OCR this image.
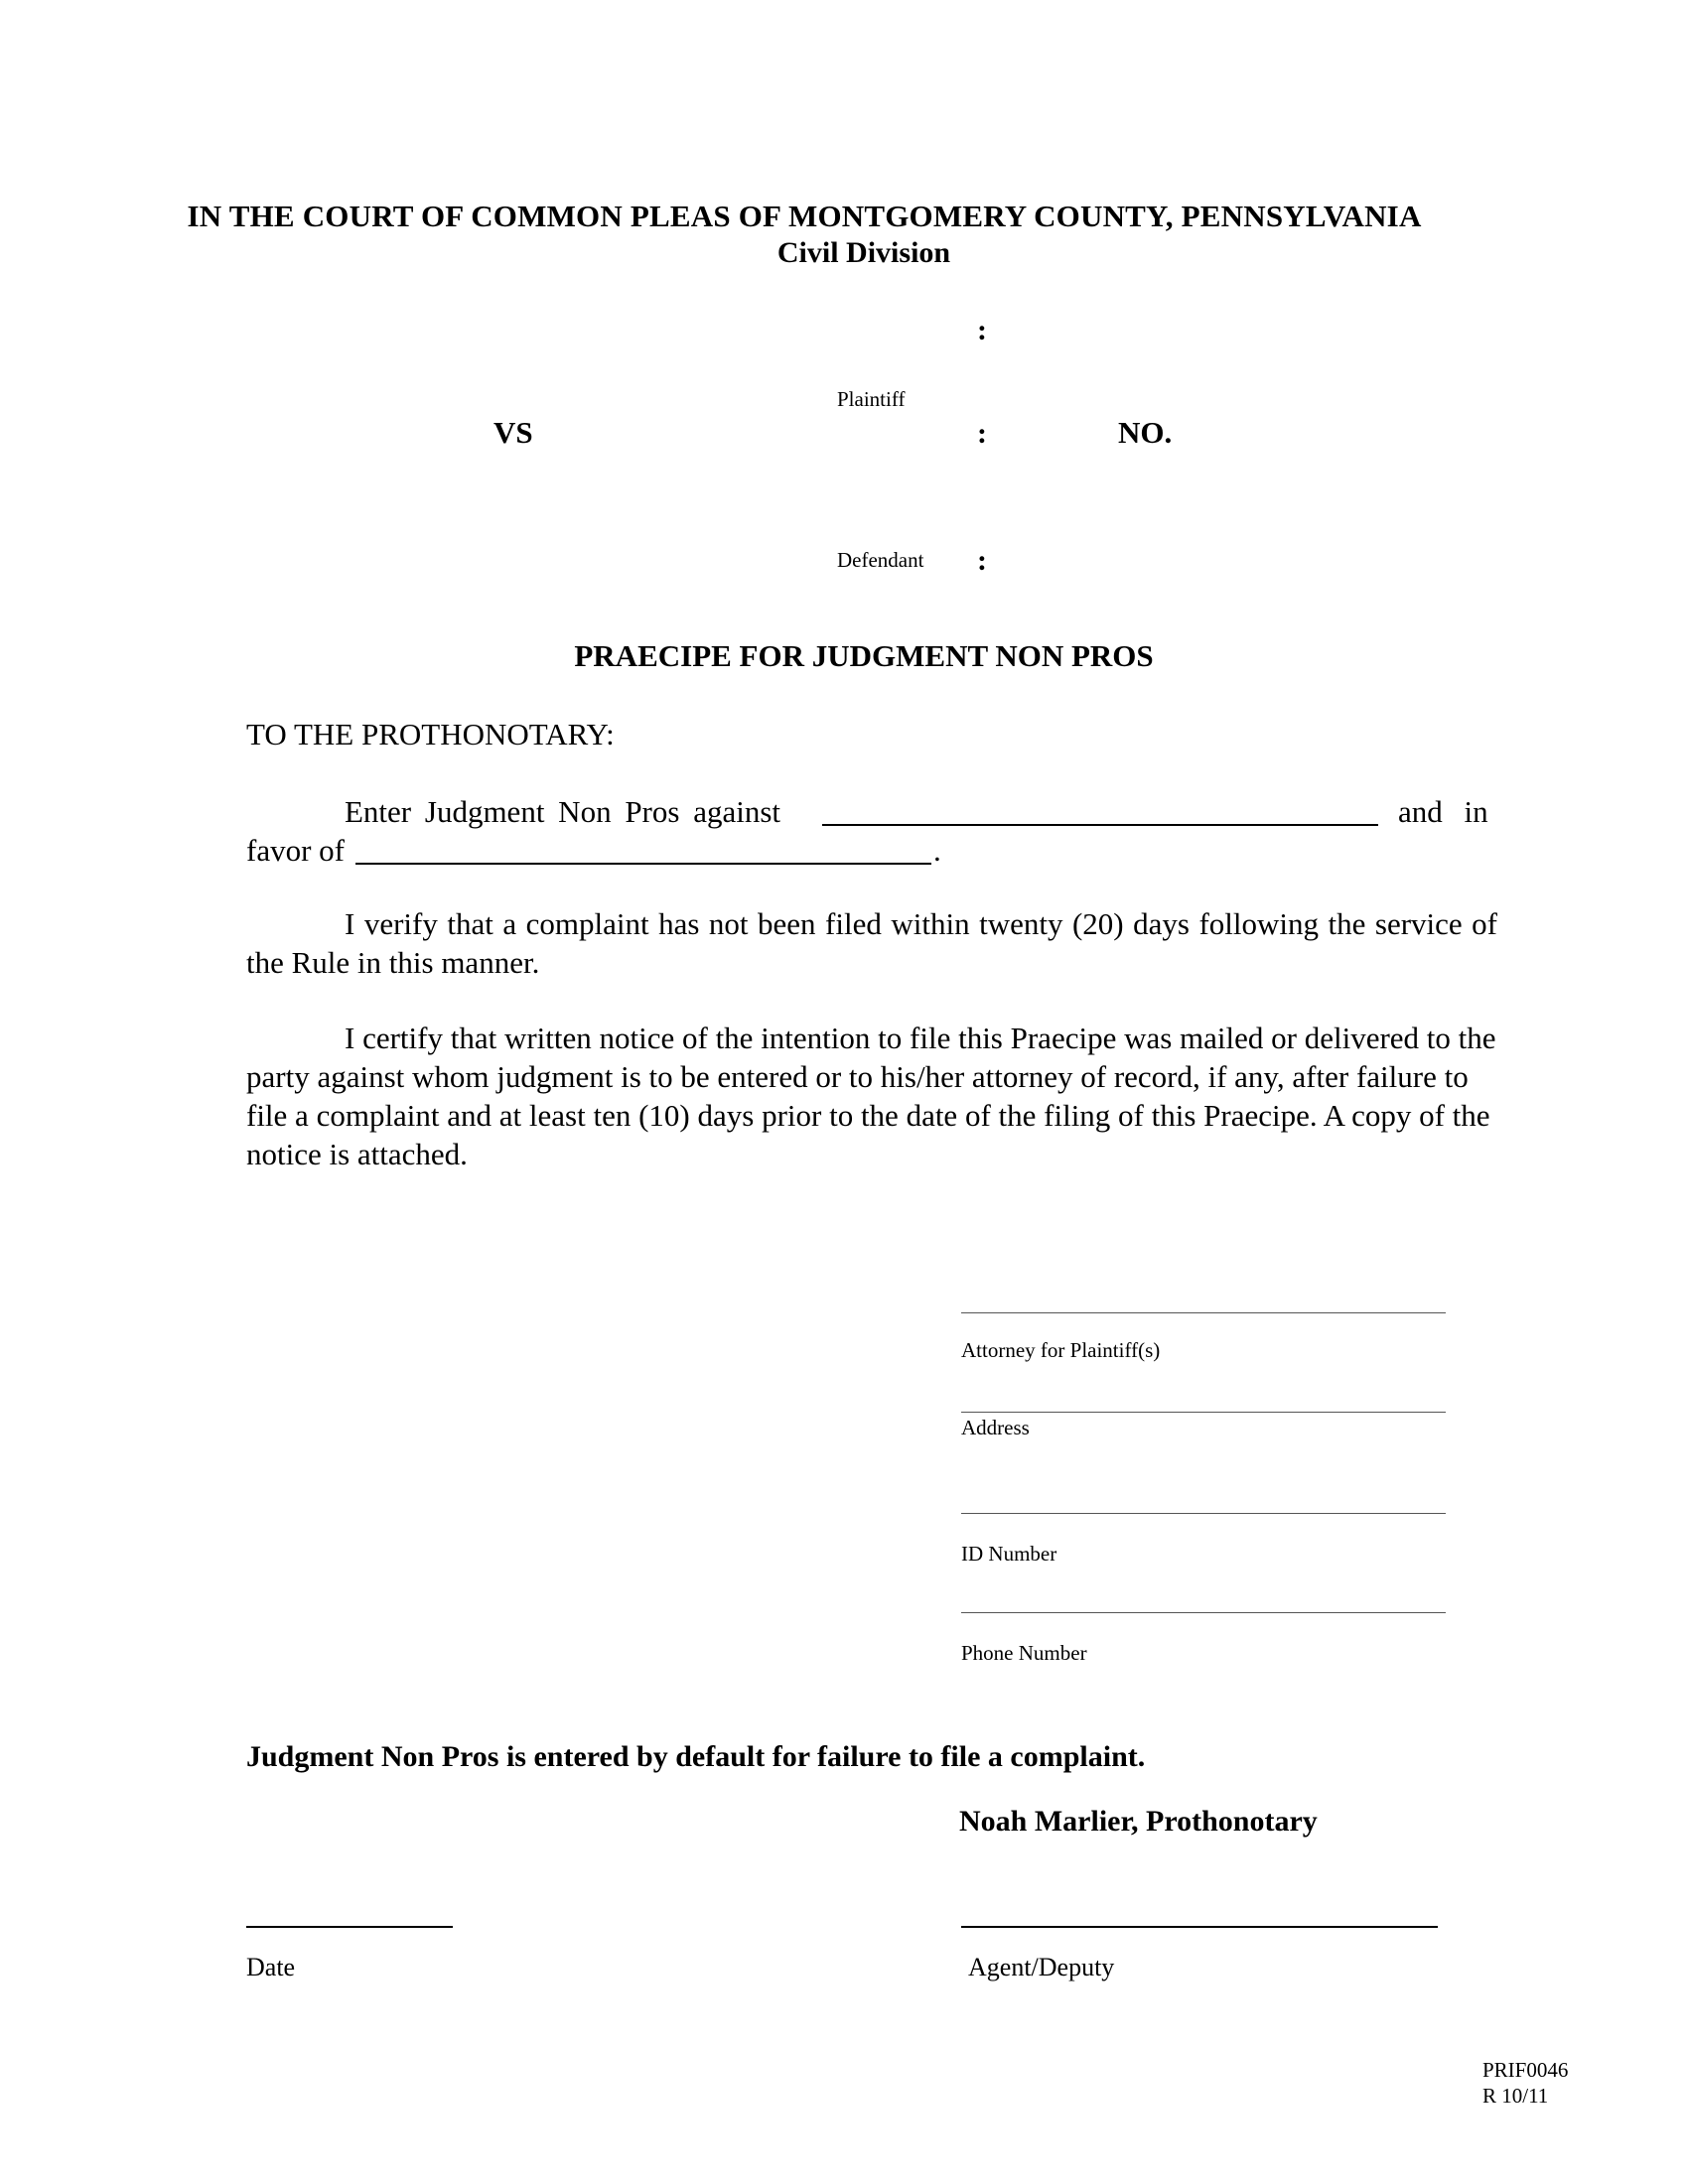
IN THE COURT OF COMMON PLEAS OF MONTGOMERY COUNTY, PENNSYLVANIA
Civil Division
:
Plaintiff
VS	:	NO.
Defendant :
PRAECIPE FOR JUDGMENT NON PROS
TO THE PROTHONOTARY:
Enter Judgment Non Pros against	and in
favor of	.
I verify that a complaint has not been filed within twenty (20) days following the service of the Rule in this manner.
I certify that written notice of the intention to file this Praecipe was mailed or delivered to the party against whom judgment is to be entered or to his/her attorney of record, if any, after failure to file a complaint and at least ten (10) days prior to the date of the filing of this Praecipe. A copy of the notice is attached.
Attorney for Plaintiff(s)
Address
ID Number
Phone Number
Judgment Non Pros is entered by default for failure to file a complaint.
Noah Marlier, Prothonotary
Date	Agent/Deputy
PRIF0046
R 10/11
